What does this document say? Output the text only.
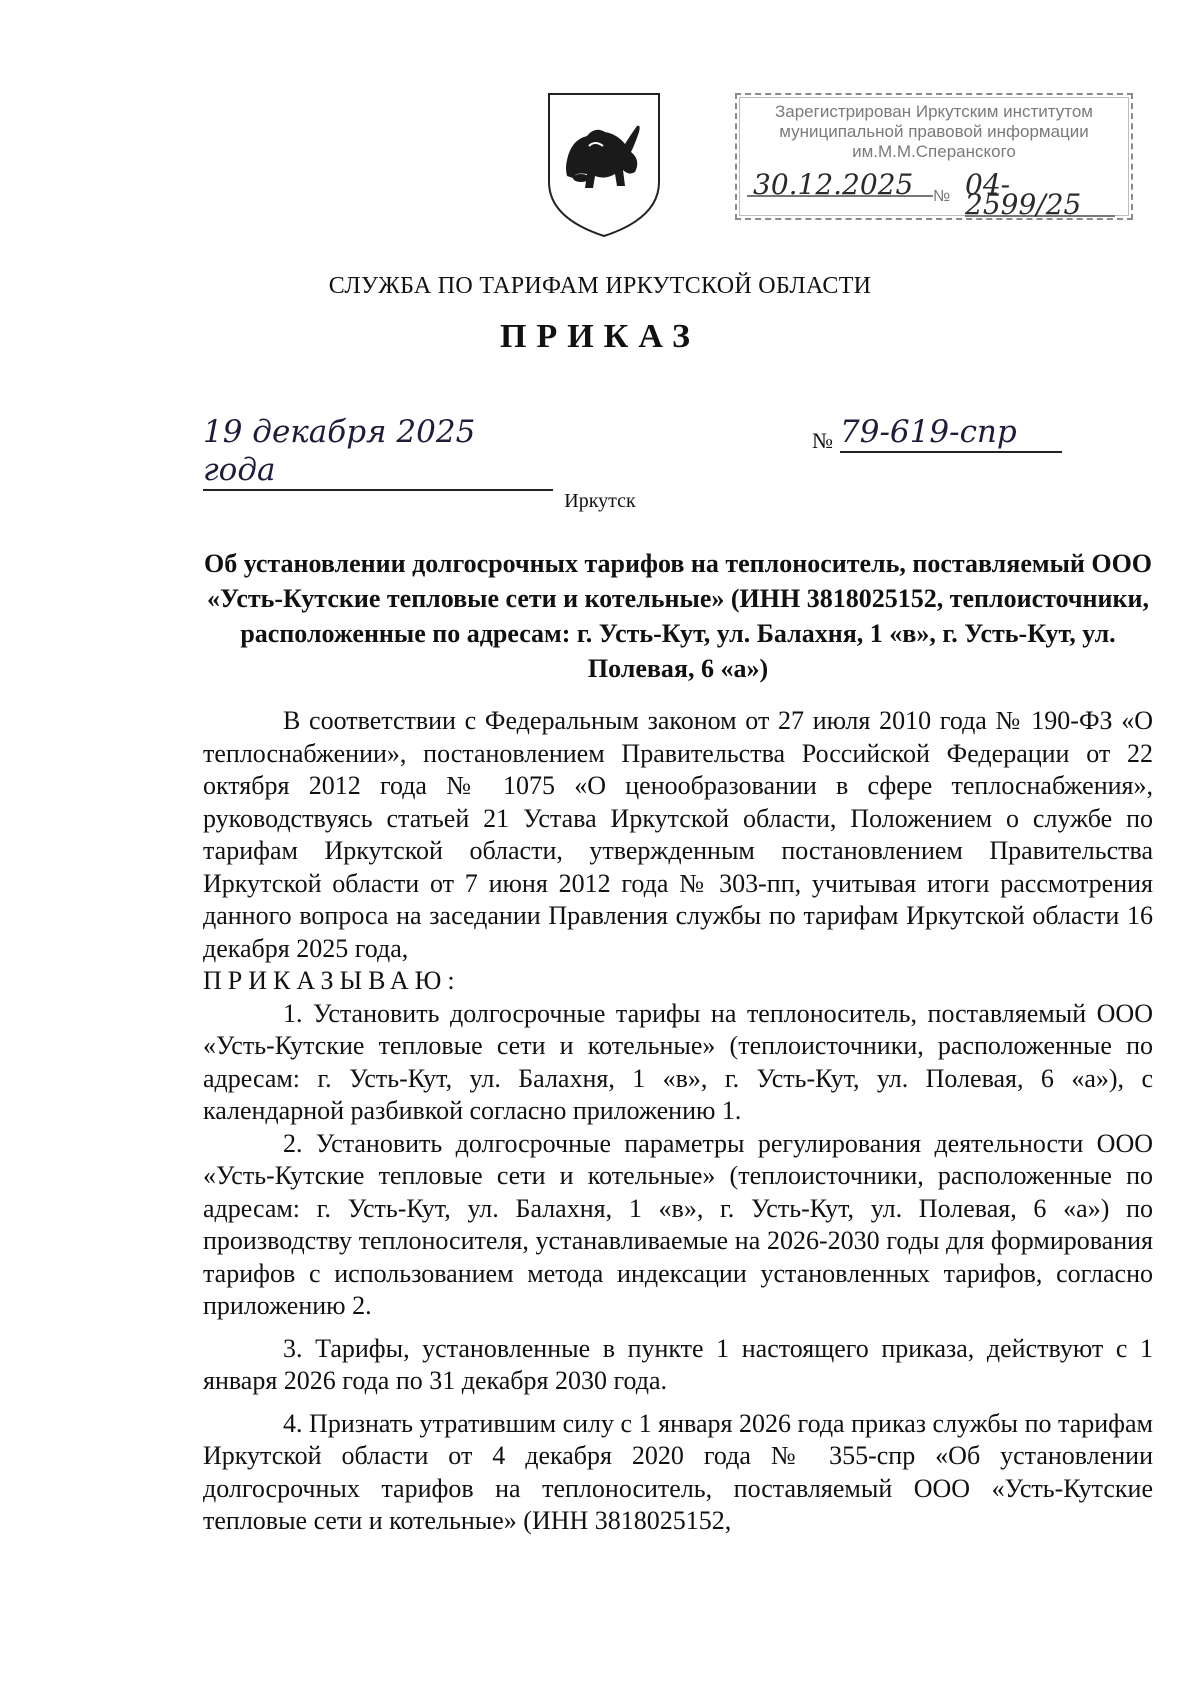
Зарегистрирован Иркутским институтом
муниципальной правовой информации
им.М.М.Сперанского
30.12.2025	№ 04-2599/25
СЛУЖБА ПО ТАРИФАМ ИРКУТСКОЙ ОБЛАСТИ
ПРИКАЗ
19 декабря 2025 года
№ 79-619-спр
Иркутск
Об установлении долгосрочных тарифов на теплоноситель, поставляемый ООО «Усть-Кутские тепловые сети и котельные» (ИНН 3818025152, теплоисточники, расположенные по адресам: г. Усть-Кут, ул. Балахня, 1 «в», г. Усть-Кут, ул. Полевая, 6 «а»)

В соответствии с Федеральным законом от 27 июля 2010 года № 190-ФЗ «О теплоснабжении», постановлением Правительства Российской Федерации от 22 октября 2012 года № 1075 «О ценообразовании в сфере теплоснабжения», руководствуясь статьей 21 Устава Иркутской области, Положением о службе по тарифам Иркутской области, утвержденным постановлением Правительства Иркутской области от 7 июня 2012 года № 303-пп, учитывая итоги рассмотрения данного вопроса на заседании Правления службы по тарифам Иркутской области 16 декабря 2025 года,

ПРИКАЗЫВАЮ:

1. Установить долгосрочные тарифы на теплоноситель, поставляемый ООО «Усть-Кутские тепловые сети и котельные» (теплоисточники, расположенные по адресам: г. Усть-Кут, ул. Балахня, 1 «в», г. Усть-Кут, ул. Полевая, 6 «а»), с календарной разбивкой согласно приложению 1.

2. Установить долгосрочные параметры регулирования деятельности ООО «Усть-Кутские тепловые сети и котельные» (теплоисточники, расположенные по адресам: г. Усть-Кут, ул. Балахня, 1 «в», г. Усть-Кут, ул. Полевая, 6 «а») по производству теплоносителя, устанавливаемые на 2026-2030 годы для формирования тарифов с использованием метода индексации установленных тарифов, согласно приложению 2.

3. Тарифы, установленные в пункте 1 настоящего приказа, действуют с 1 января 2026 года по 31 декабря 2030 года.

4. Признать утратившим силу с 1 января 2026 года приказ службы по тарифам Иркутской области от 4 декабря 2020 года № 355-спр «Об установлении долгосрочных тарифов на теплоноситель, поставляемый ООО «Усть-Кутские тепловые сети и котельные» (ИНН 3818025152,
